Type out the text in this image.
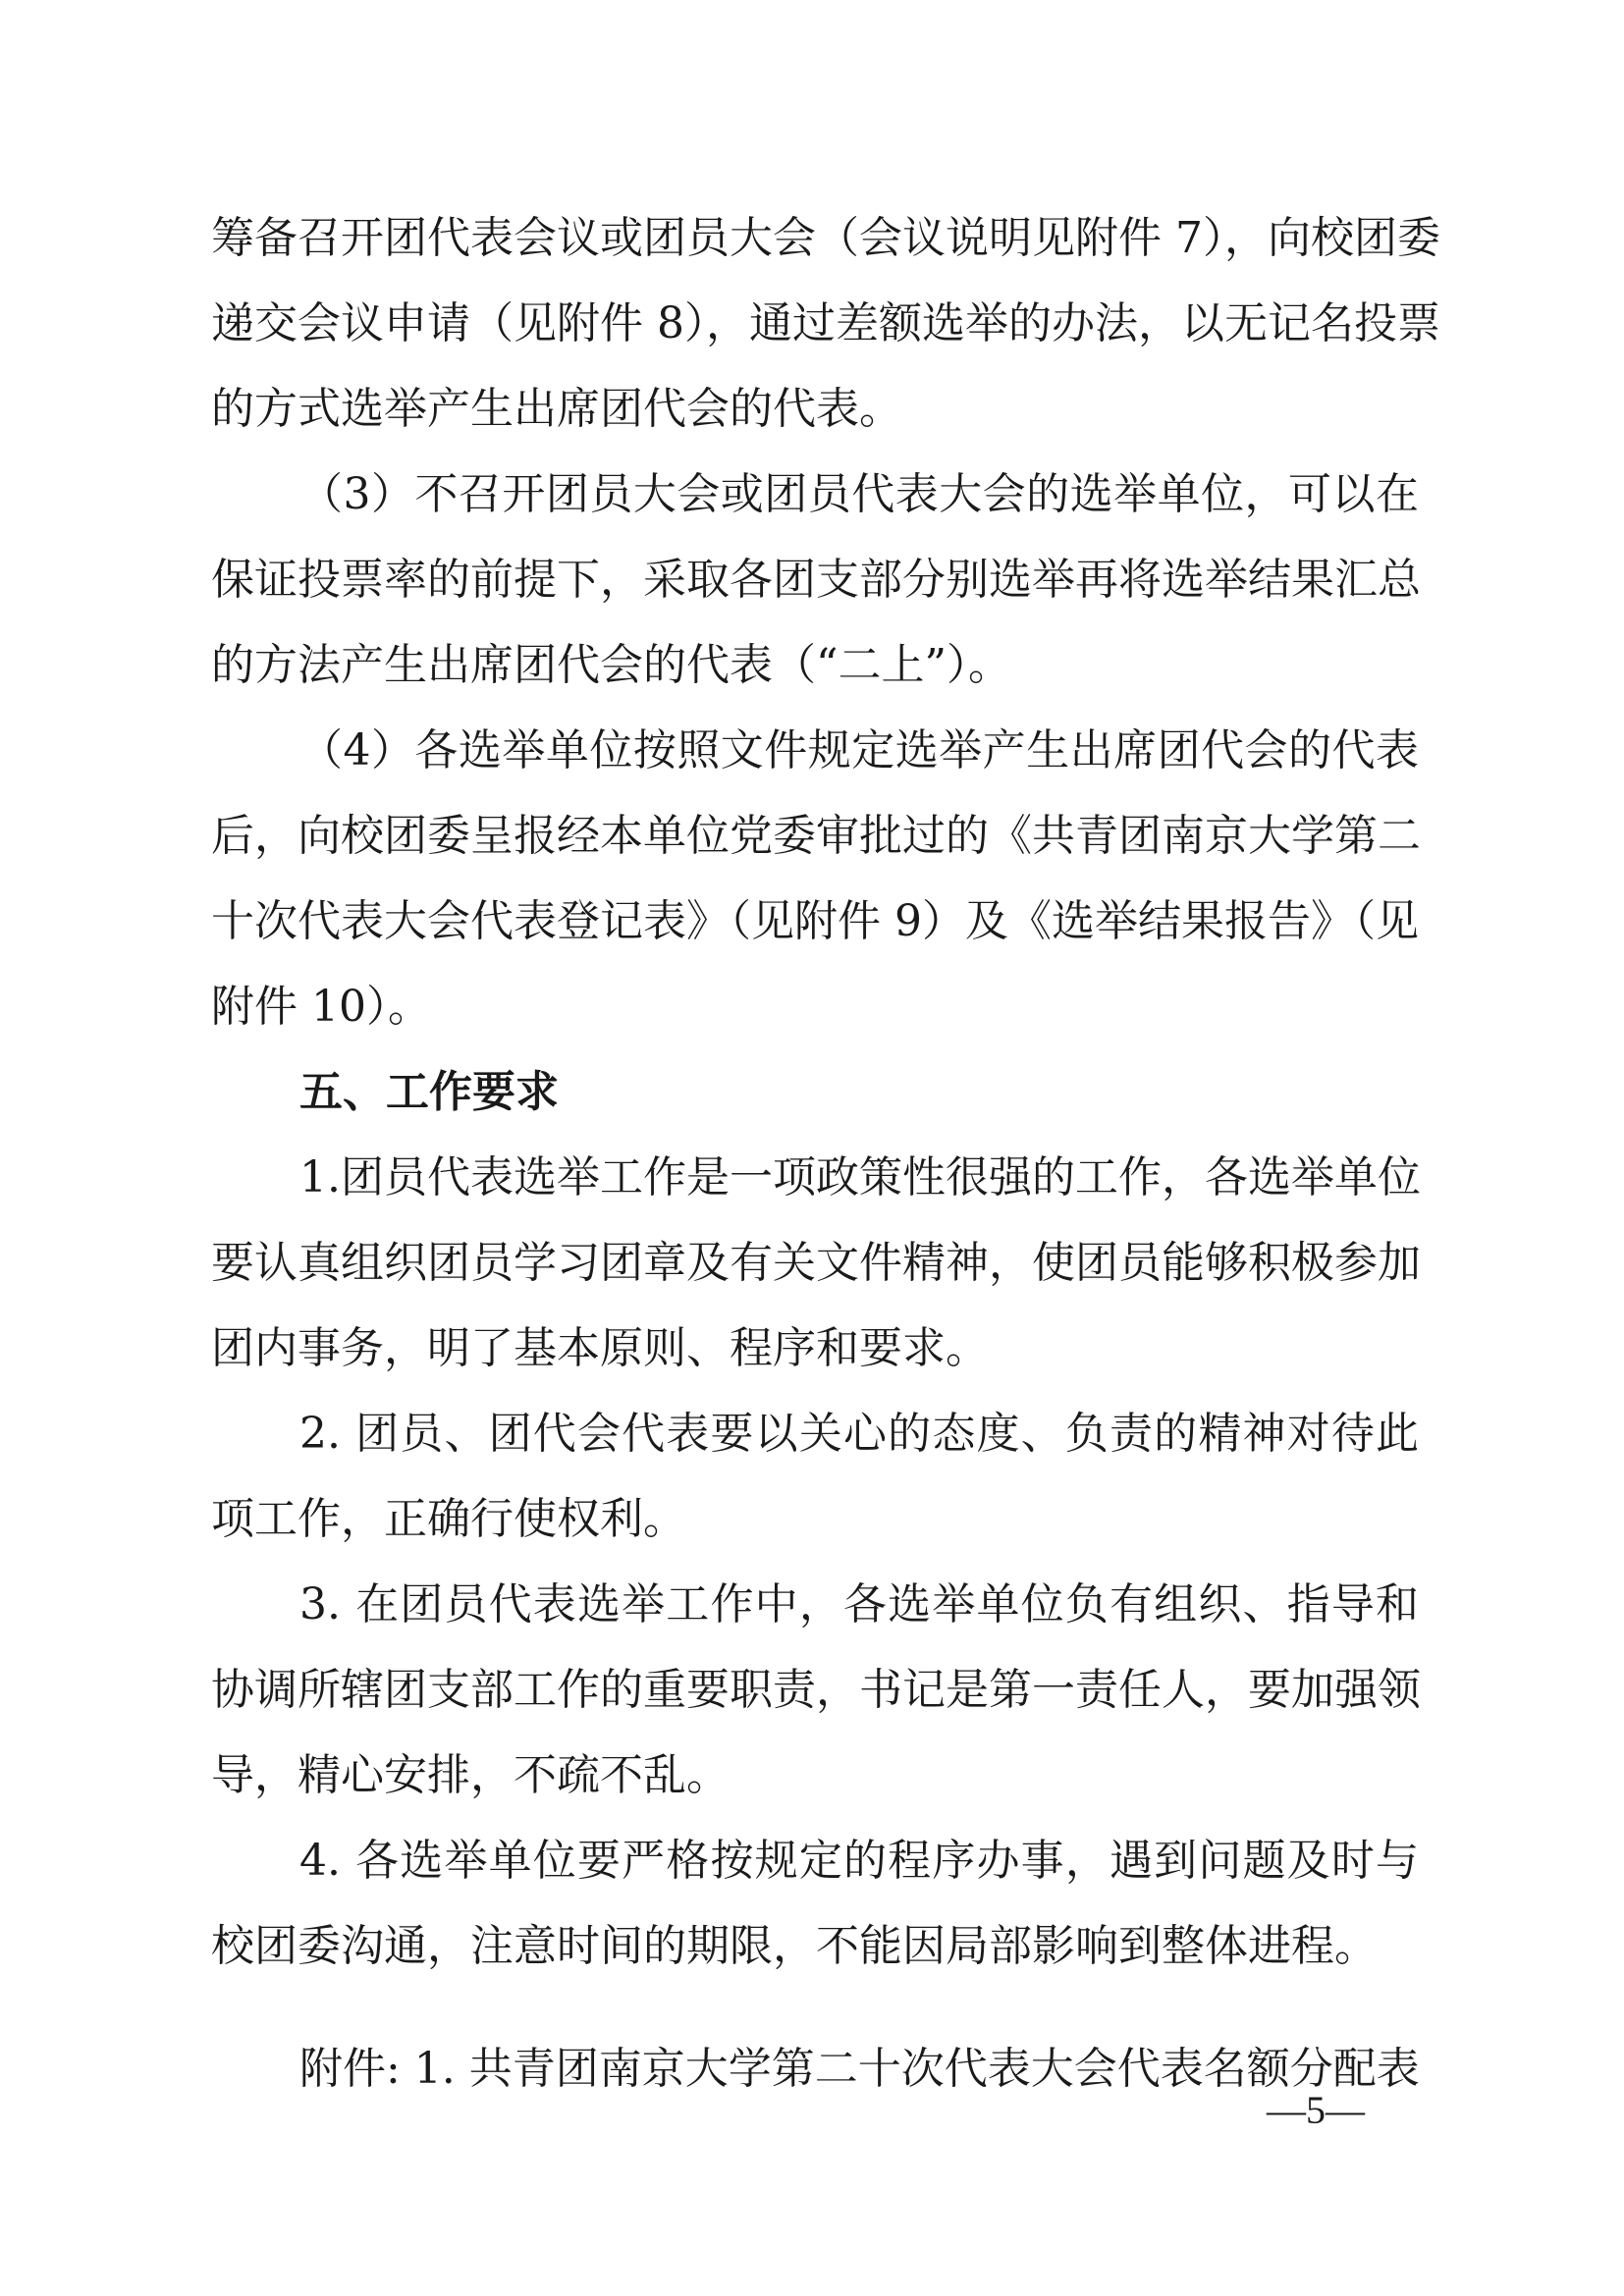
筹备召开团代表会议或团员大会（会议说明见附件 7），向校团委
递交会议申请（见附件 8），通过差额选举的办法，以无记名投票
的方式选举产生出席团代会的代表。
（3）不召开团员大会或团员代表大会的选举单位，可以在
保证投票率的前提下，采取各团支部分别选举再将选举结果汇总
的方法产生出席团代会的代表（“二上”）。
（4）各选举单位按照文件规定选举产生出席团代会的代表
后，向校团委呈报经本单位党委审批过的《共青团南京大学第二
十次代表大会代表登记表》（见附件 9）及《选举结果报告》（见
附件 10）。
五、工作要求
1.团员代表选举工作是一项政策性很强的工作，各选举单位
要认真组织团员学习团章及有关文件精神，使团员能够积极参加
团内事务，明了基本原则、程序和要求。
2. 团员、团代会代表要以关心的态度、负责的精神对待此
项工作，正确行使权利。
3. 在团员代表选举工作中，各选举单位负有组织、指导和
协调所辖团支部工作的重要职责，书记是第一责任人，要加强领
导，精心安排，不疏不乱。
4. 各选举单位要严格按规定的程序办事，遇到问题及时与
校团委沟通，注意时间的期限，不能因局部影响到整体进程。
附件: 1. 共青团南京大学第二十次代表大会代表名额分配表
—5—
